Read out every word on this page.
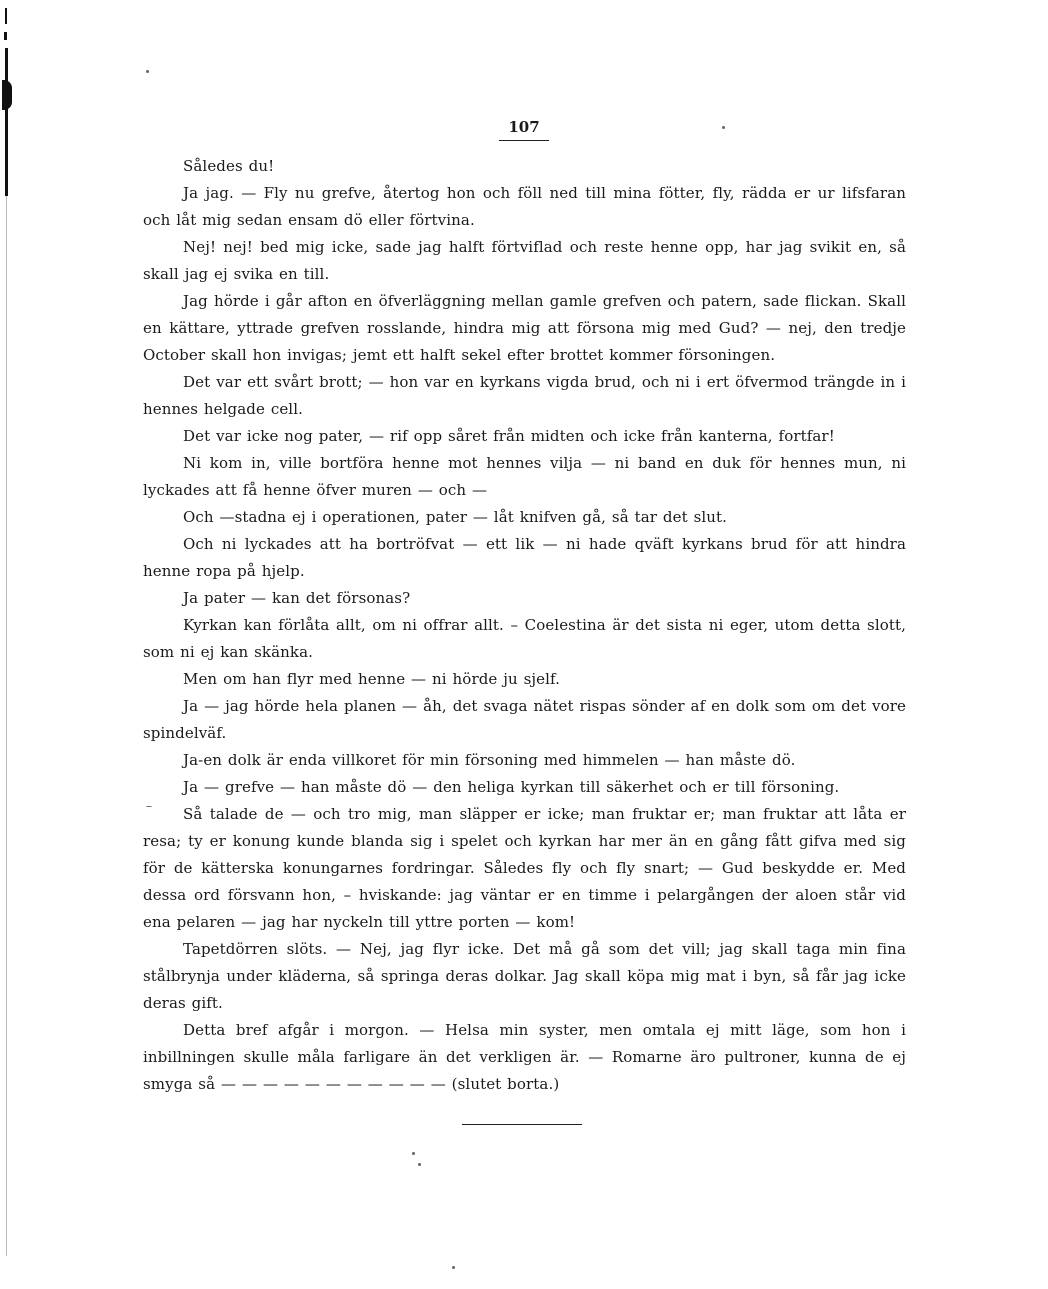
107

Således du!

Ja jag. — Fly nu grefve, återtog hon och föll ned till mina fötter, fly, rädda er ur lifsfaran och låt mig sedan ensam dö eller förtvina.

Nej! nej! bed mig icke, sade jag halft förtviflad och reste henne opp, har jag svikit en, så skall jag ej svika en till.

Jag hörde i går afton en öfverläggning mellan gamle grefven och patern, sade flickan. Skall en kättare, yttrade grefven rosslande, hindra mig att försona mig med Gud? — nej, den tredje October skall hon invigas; jemt ett halft sekel efter brottet kommer försoningen.

Det var ett svårt brott; — hon var en kyrkans vigda brud, och ni i ert öfvermod trängde in i hennes helgade cell.

Det var icke nog pater, — rif opp såret från midten och icke från kanterna, fortfar!

Ni kom in, ville bortföra henne mot hennes vilja — ni band en duk för hennes mun, ni lyckades att få henne öfver muren — och —

Och —stadna ej i operationen, pater — låt knifven gå, så tar det slut.

Och ni lyckades att ha bortröfvat — ett lik — ni hade qväft kyrkans brud för att hindra henne ropa på hjelp.

Ja pater — kan det försonas?

Kyrkan kan förlåta allt, om ni offrar allt. – Coelestina är det sista ni eger, utom detta slott, som ni ej kan skänka.

Men om han flyr med henne — ni hörde ju sjelf.

Ja — jag hörde hela planen — åh, det svaga nätet rispas sönder af en dolk som om det vore spindelväf.

Ja-en dolk är enda villkoret för min försoning med himmelen — han måste dö.

Ja — grefve — han måste dö — den heliga kyrkan till säkerhet och er till försoning.

Så talade de — och tro mig, man släpper er icke; man fruktar er; man fruktar att låta er resa; ty er konung kunde blanda sig i spelet och kyrkan har mer än en gång fått gifva med sig för de kätterska konungarnes fordringar. Således fly och fly snart; — Gud beskydde er. Med dessa ord försvann hon, – hviskande: jag väntar er en timme i pelargången der aloen står vid ena pelaren — jag har nyckeln till yttre porten — kom!

Tapetdörren slöts. — Nej, jag flyr icke. Det må gå som det vill; jag skall taga min fina stålbrynja under kläderna, så springa deras dolkar. Jag skall köpa mig mat i byn, så får jag icke deras gift.

Detta bref afgår i morgon. — Helsa min syster, men omtala ej mitt läge, som hon i inbillningen skulle måla farligare än det verkligen är. — Romarne äro pultroner, kunna de ej smyga så — — — — — — — — — — — (slutet borta.)
